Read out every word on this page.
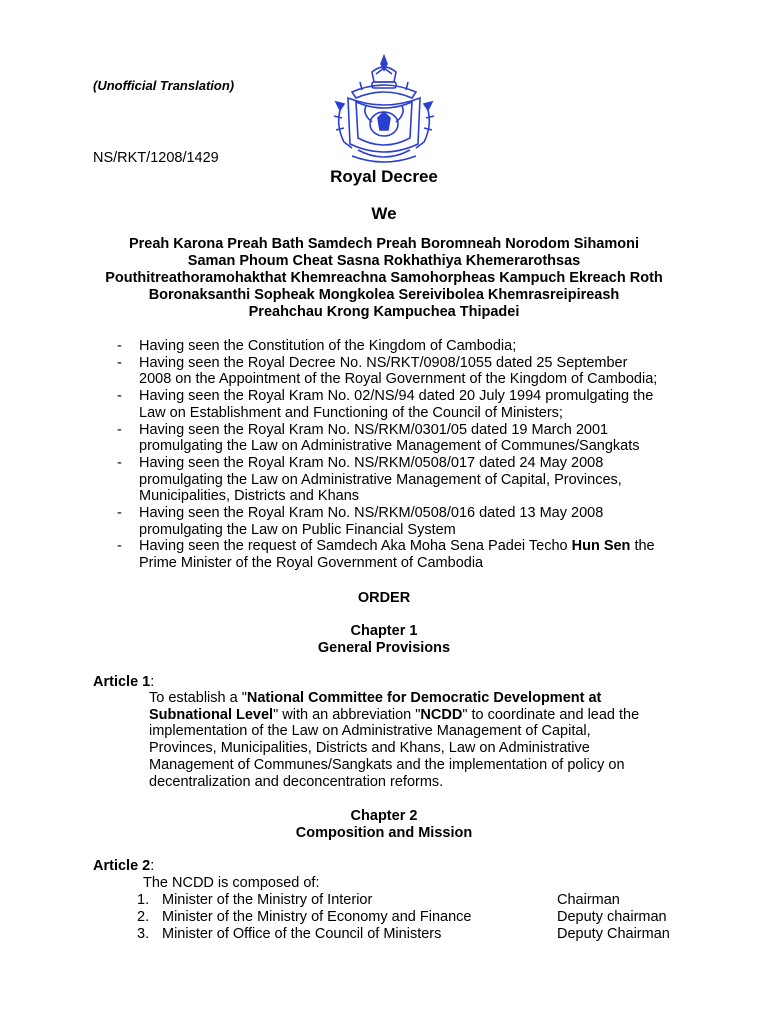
(Unofficial Translation)
NS/RKT/1208/1429
Royal Decree
We
Preah Karona Preah Bath Samdech Preah Boromneah Norodom Sihamoni
Saman Phoum Cheat Sasna Rokhathiya Khemerarothsas
Pouthitreathoramohakthat Khemreachna Samohorpheas Kampuch Ekreach Roth
Boronaksanthi Sopheak Mongkolea Sereivibolea Khemrasreipireash
Preahchau Krong Kampuchea Thipadei
- Having seen the Constitution of the Kingdom of Cambodia;
- Having seen the Royal Decree No. NS/RKT/0908/1055 dated 25 September
2008 on the Appointment of the Royal Government of the Kingdom of Cambodia;
- Having seen the Royal Kram No. 02/NS/94 dated 20 July 1994 promulgating the
Law on Establishment and Functioning of the Council of Ministers;
- Having seen the Royal Kram No. NS/RKM/0301/05 dated 19 March 2001
promulgating the Law on Administrative Management of Communes/Sangkats
- Having seen the Royal Kram No. NS/RKM/0508/017 dated 24 May 2008
promulgating the Law on Administrative Management of Capital, Provinces,
Municipalities, Districts and Khans
- Having seen the Royal Kram No. NS/RKM/0508/016 dated 13 May 2008
promulgating the Law on Public Financial System
- Having seen the request of Samdech Aka Moha Sena Padei Techo Hun Sen the
Prime Minister of the Royal Government of Cambodia
ORDER
Chapter 1
General Provisions
Article 1:
To establish a "National Committee for Democratic Development at
Subnational Level" with an abbreviation "NCDD" to coordinate and lead the
implementation of the Law on Administrative Management of Capital,
Provinces, Municipalities, Districts and Khans, Law on Administrative
Management of Communes/Sangkats and the implementation of policy on
decentralization and deconcentration reforms.
Chapter 2
Composition and Mission
Article 2:
The NCDD is composed of:
1. Minister of the Ministry of Interior	Chairman
2. Minister of the Ministry of Economy and Finance	Deputy chairman
3. Minister of Office of the Council of Ministers	Deputy Chairman
